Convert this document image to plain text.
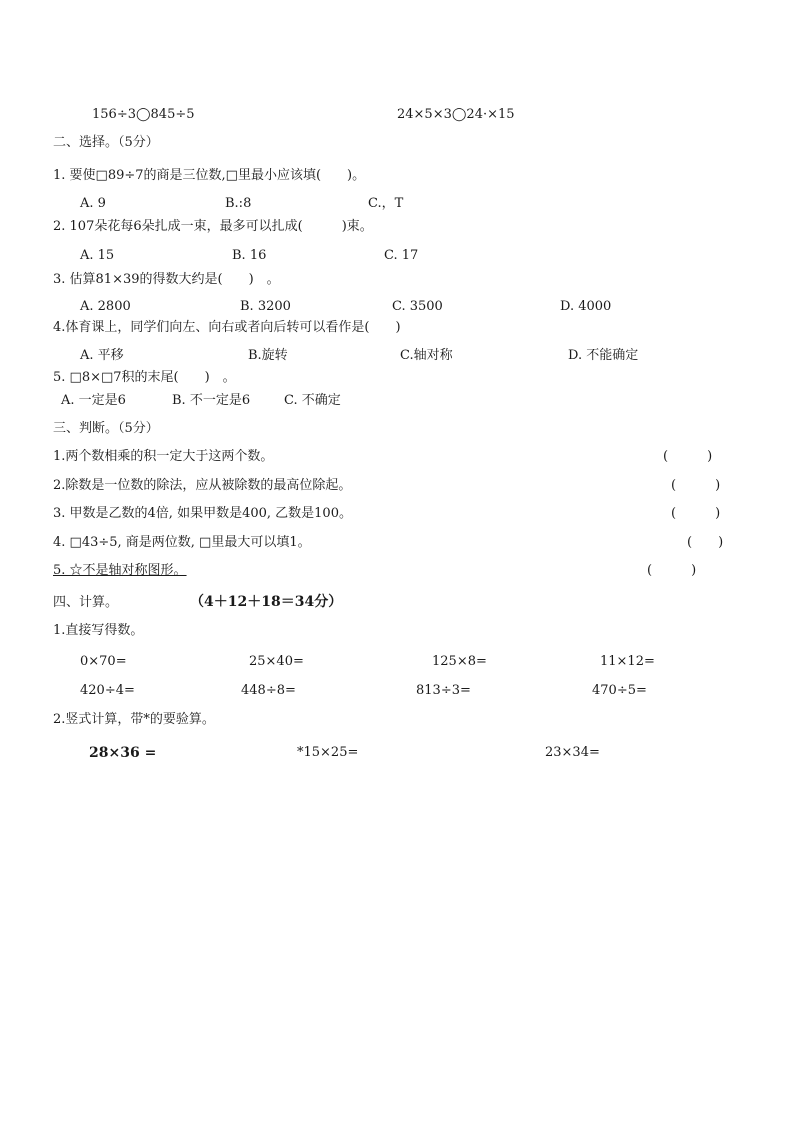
156÷3◯845÷5	24×5×3◯24·×15
二、选择。（5分）
1. 要使□89÷7的商是三位数,□里最小应该填(　　)。
A. 9	B.:8	C.，T
2. 107朵花每6朵扎成一束，最多可以扎成(　　　)束。
A. 15	B. 16	C. 17
3. 估算81×39的得数大约是(　　)　。
A. 2800	B. 3200	C. 3500	D. 4000
4.体育课上，同学们向左、向右或者向后转可以看作是(　　)
A. 平移	B.旋转	C.轴对称	D. 不能确定
5. □8×□7积的末尾(　　)　。
A. 一定是6	B. 不一定是6	C. 不确定
三、判断。（5分）
1.两个数相乘的积一定大于这两个数。	(　　　)
2.除数是一位数的除法，应从被除数的最高位除起。	(　　　)
3. 甲数是乙数的4倍, 如果甲数是400, 乙数是100。	(　　　)
4. □43÷5, 商是两位数, □里最大可以填1。	(　　)
5. ☆不是轴对称图形。	(　　　)
四、计算。	（4＋12＋18＝34分）
1.直接写得数。
0×70=	25×40=	125×8=	11×12=
420÷4=	448÷8=	813÷3=	470÷5=
2.竖式计算，带*的要验算。
28×36 =	*15×25=	23×34=
